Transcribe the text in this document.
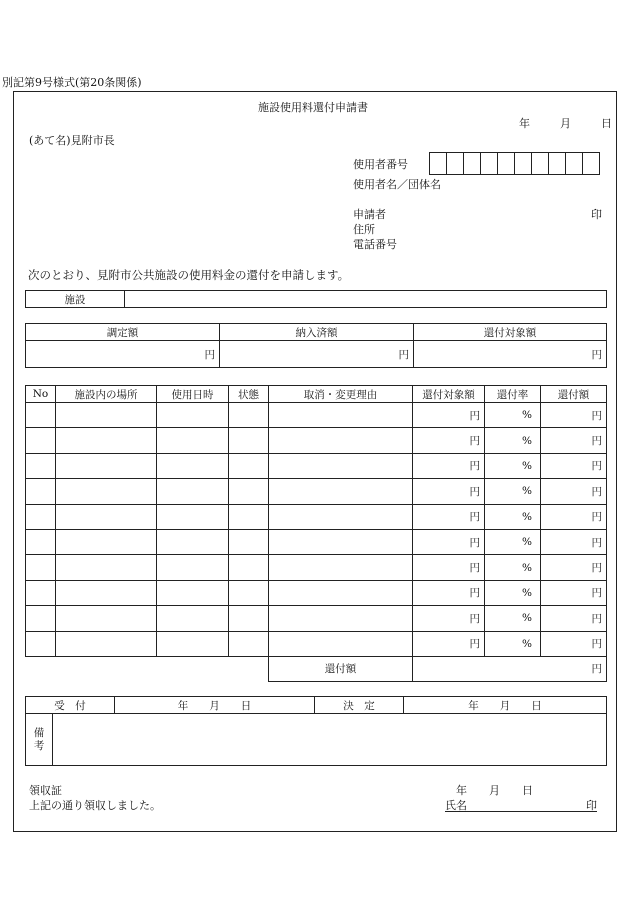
別記第9号様式(第20条関係)
施設使用料還付申請書
年	月	日
(あて名)見附市長
使用者番号
使用者名／団体名
申請者	印
住所
電話番号
次のとおり、見附市公共施設の使用料金の還付を申請します。
施設	
調定額	納入済額	還付対象額
円	円	円
No	施設内の場所	使用日時	状態	取消・変更理由	還付対象額	還付率	還付額
					円	%	円
					円	%	円
					円	%	円
					円	%	円
					円	%	円
					円	%	円
					円	%	円
					円	%	円
					円	%	円
					円	%	円
				還付額	円		
受　付		年　　月　　日	決　定	年　　月　　日
備考				
領収証
上記の通り領収しました。
年　　月　　日
氏名	印
